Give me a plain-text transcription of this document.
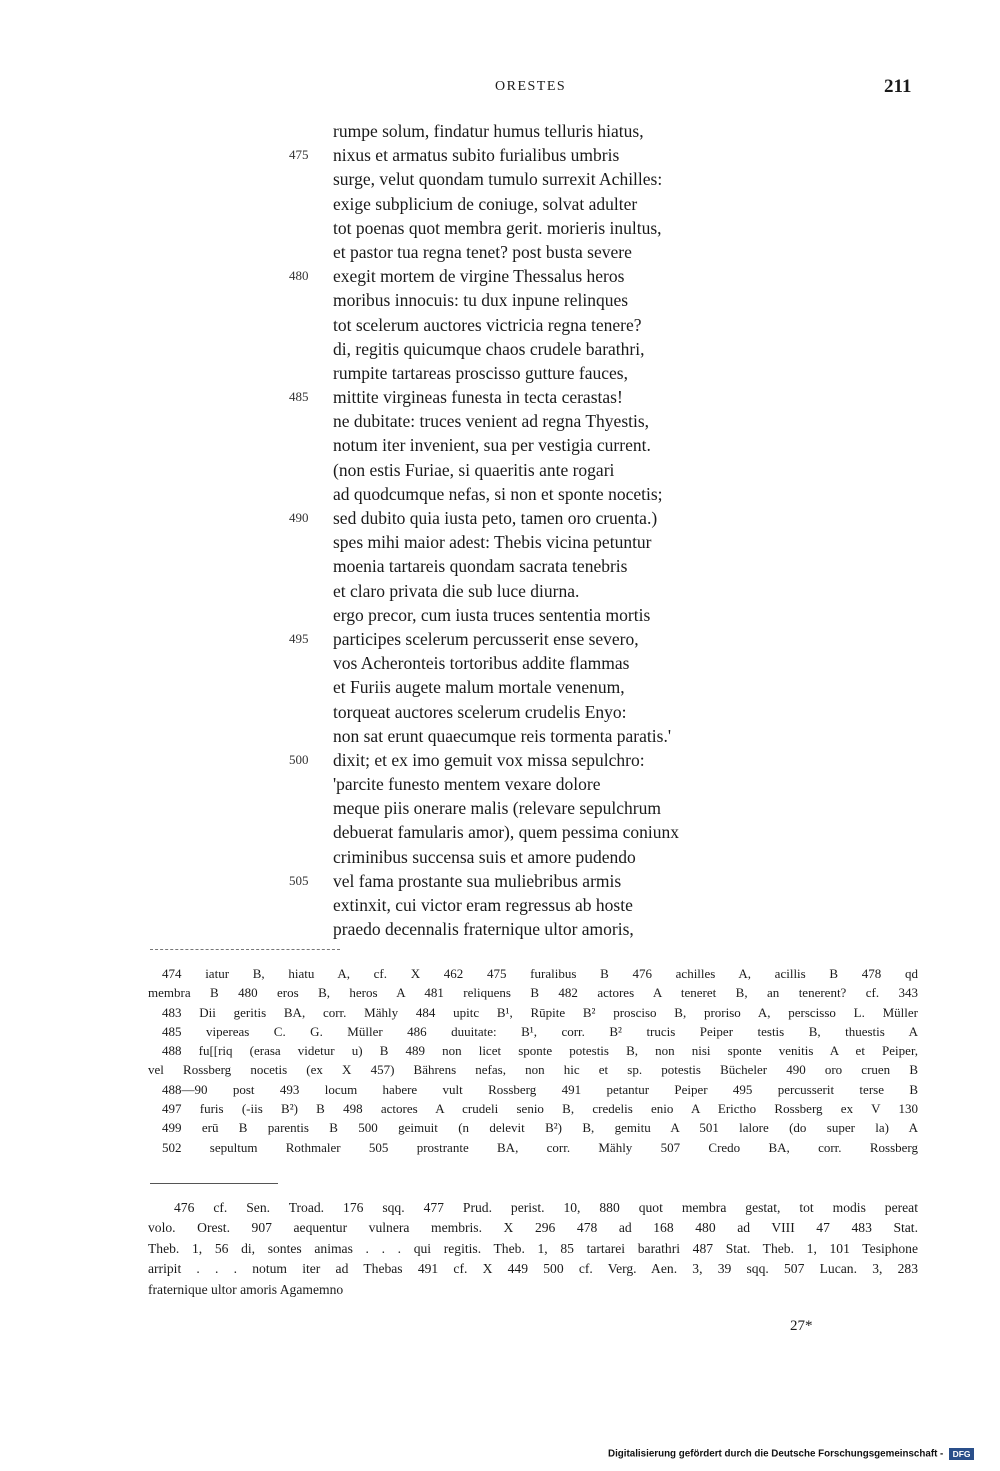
ORESTES	211
rumpe solum, findatur humus telluris hiatus,
475	nixus et armatus subito furialibus umbris
surge, velut quondam tumulo surrexit Achilles:
exige subplicium de coniuge, solvat adulter
tot poenas quot membra gerit. morieris inultus,
et pastor tua regna tenet? post busta severe
480	exegit mortem de virgine Thessalus heros
moribus innocuis: tu dux inpune relinques
tot scelerum auctores victricia regna tenere?
di, regitis quicumque chaos crudele barathri,
rumpite tartareas proscisso gutture fauces,
485	mittite virgineas funesta in tecta cerastas!
ne dubitate: truces venient ad regna Thyestis,
notum iter invenient, sua per vestigia current.
(non estis Furiae, si quaeritis ante rogari
ad quodcumque nefas, si non et sponte nocetis;
490	sed dubito quia iusta peto, tamen oro cruenta.)
spes mihi maior adest: Thebis vicina petuntur
moenia tartareis quondam sacrata tenebris
et claro privata die sub luce diurna.
ergo precor, cum iusta truces sententia mortis
495	participes scelerum percusserit ense severo,
vos Acheronteis tortoribus addite flammas
et Furiis augete malum mortale venenum,
torqueat auctores scelerum crudelis Enyo:
non sat erunt quaecumque reis tormenta paratis.'
500	dixit; et ex imo gemuit vox missa sepulchro:
'parcite funesto mentem vexare dolore
meque piis onerare malis (relevare sepulchrum
debuerat famularis amor), quem pessima coniunx
criminibus succensa suis et amore pudendo
505	vel fama prostante sua muliebribus armis
extinxit, cui victor eram regressus ab hoste
praedo decennalis fraternique ultor amoris,

474 iatur B, hiatu A, cf. X 462 475 furalibus B 476 achilles A, acillis B 478 qd

membra B 480 eros B, heros A 481 reliquens B 482 actores A teneret B, an tenerent? cf. 343

483 Dii geritis BA, corr. Mähly 484 upitc B¹, Rūpite B² prosciso B, proriso A, perscisso L. Müller

485 vipereas C. G. Müller 486 duuitate: B¹, corr. B² trucis Peiper testis B, thuestis A

488 fu[[riq (erasa videtur u) B 489 non licet sponte potestis B, non nisi sponte venitis A et Peiper,

vel Rossberg nocetis (ex X 457) Bährens nefas, non hic et sp. potestis Bücheler 490 oro cruen B

488—90 post 493 locum habere vult Rossberg 491 petantur Peiper 495 percusserit terse B

497 furis (-iis B²) B 498 actores A crudeli senio B, credelis enio A Erictho Rossberg ex V 130

499 erū B parentis B 500 geimuit (n delevit B²) B, gemitu A 501 lalore (do super la) A

502 sepultum Rothmaler 505 prostrante BA, corr. Mähly 507 Credo BA, corr. Rossberg

476 cf. Sen. Troad. 176 sqq. 477 Prud. perist. 10, 880 quot membra gestat, tot modis pereat

volo. Orest. 907 aequentur vulnera membris. X 296 478 ad 168 480 ad VIII 47 483 Stat.

Theb. 1, 56 di, sontes animas . . . qui regitis. Theb. 1, 85 tartarei barathri 487 Stat. Theb. 1, 101 Tesiphone

arripit . . . notum iter ad Thebas 491 cf. X 449 500 cf. Verg. Aen. 3, 39 sqq. 507 Lucan. 3, 283

fraternique ultor amoris Agamemno

27*
Digitalisierung gefördert durch die Deutsche Forschungsgemeinschaft - DFG
